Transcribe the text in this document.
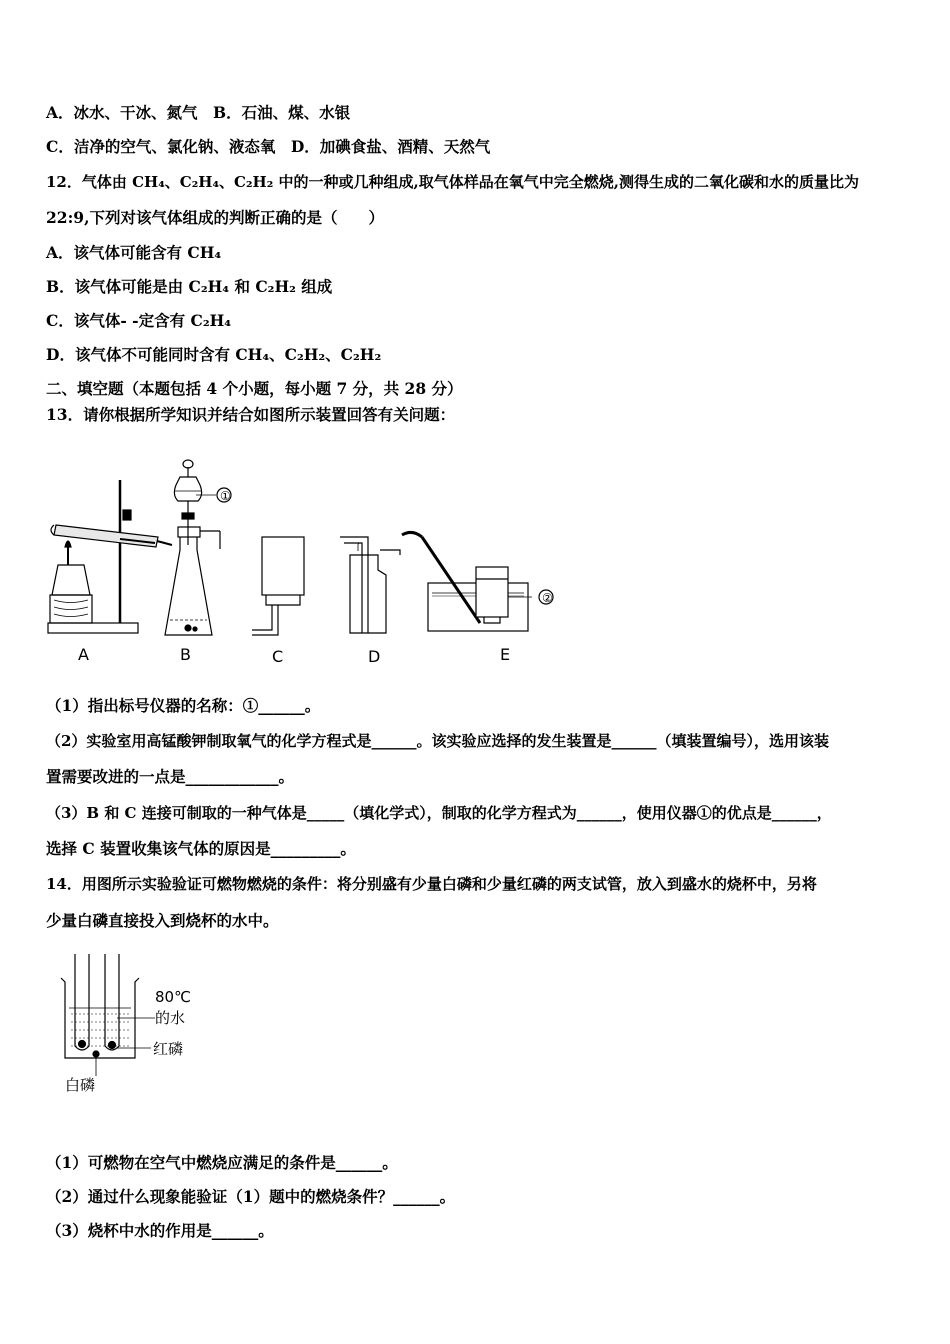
A．冰水、干冰、氮气　B．石油、煤、水银
C．洁净的空气、氯化钠、液态氧　D．加碘食盐、酒精、天然气
12．气体由 CH₄、C₂H₄、C₂H₂ 中的一种或几种组成,取气体样品在氧气中完全燃烧,测得生成的二氧化碳和水的质量比为
22:9,下列对该气体组成的判断正确的是（　　）
A．该气体可能含有 CH₄
B．该气体可能是由 C₂H₄ 和 C₂H₂ 组成
C．该气体- -定含有 C₂H₄
D．该气体不可能同时含有 CH₄、C₂H₂、C₂H₂
二、填空题（本题包括 4 个小题，每小题 7 分，共 28 分）
13．请你根据所学知识并结合如图所示装置回答有关问题：
A
①
B	C	D
②
E
（1）指出标号仪器的名称：①______。
（2）实验室用高锰酸钾制取氧气的化学方程式是______。该实验应选择的发生装置是______（填装置编号），选用该装
置需要改进的一点是____________。
（3）B 和 C 连接可制取的一种气体是_____（填化学式），制取的化学方程式为______，使用仪器①的优点是______，
选择 C 装置收集该气体的原因是_________。
14．用图所示实验验证可燃物燃烧的条件：将分别盛有少量白磷和少量红磷的两支试管，放入到盛水的烧杯中，另将
少量白磷直接投入到烧杯的水中。
80℃
的水
红磷
白磷
（1）可燃物在空气中燃烧应满足的条件是______。
（2）通过什么现象能验证（1）题中的燃烧条件？______。
（3）烧杯中水的作用是______。
